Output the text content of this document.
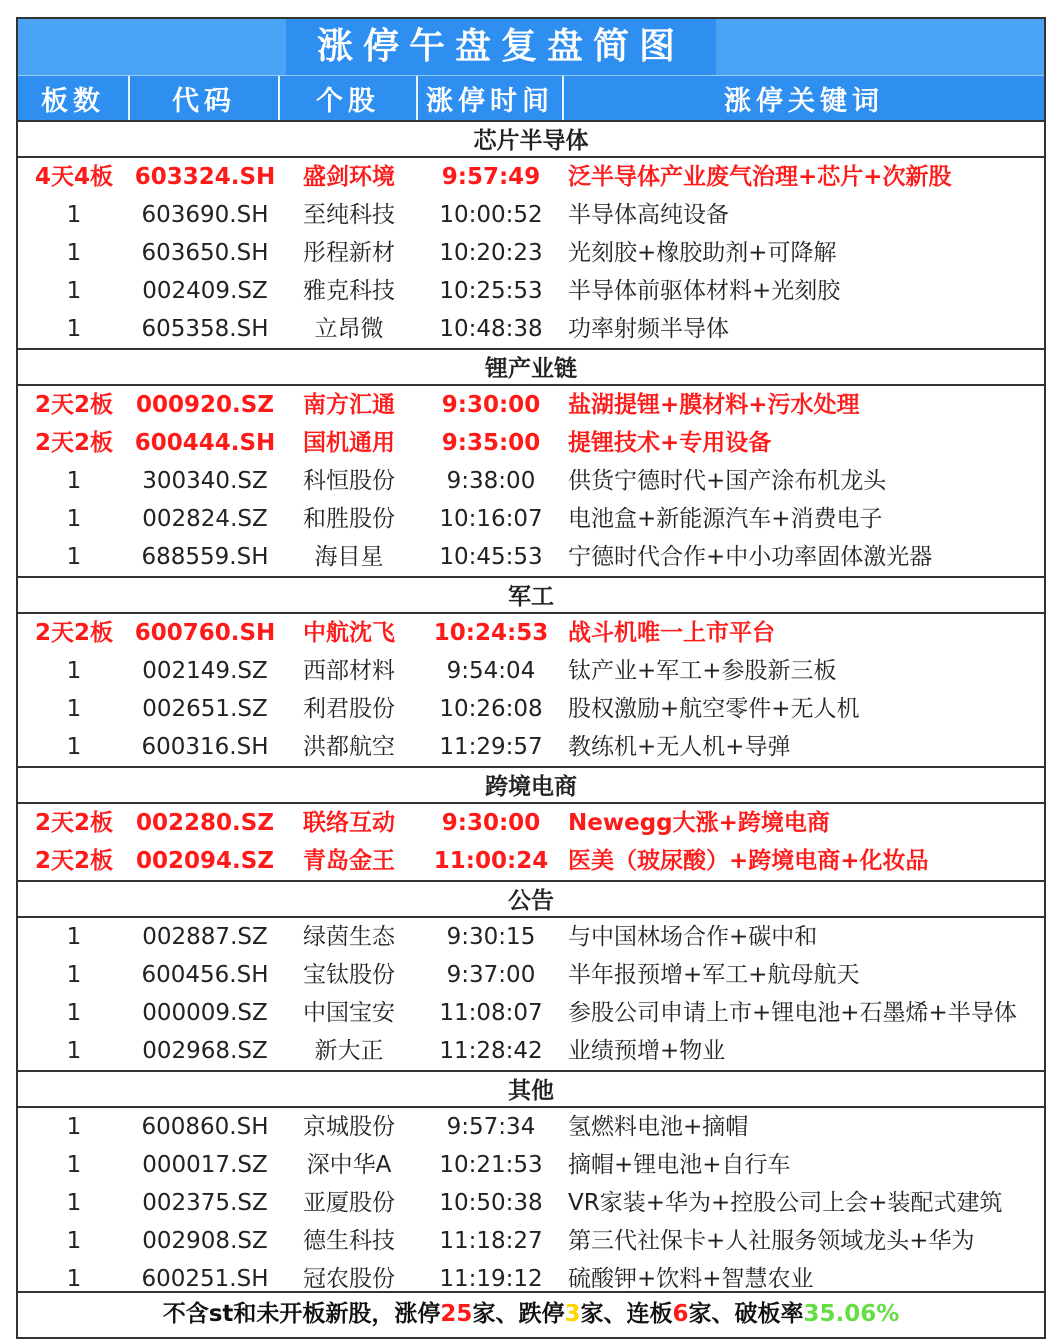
涨停午盘复盘简图
板数	代码	个股	涨停时间	涨停关键词
芯片半导体
4天4板 603324.SH	盛剑环境	9:57:49	泛半导体产业废气治理+芯片+次新股
1	603690.SH	至纯科技	10:00:52	半导体高纯设备
1	603650.SH	彤程新材	10:20:23	光刻胶+橡胶助剂+可降解
1	002409.SZ	雅克科技	10:25:53	半导体前驱体材料+光刻胶
1	605358.SH	立昂微	10:48:38	功率射频半导体
锂产业链
2天2板	000920.SZ	南方汇通	9:30:00	盐湖提锂+膜材料+污水处理
2天2板 600444.SH	国机通用	9:35:00	提锂技术+专用设备
1	300340.SZ	科恒股份	9:38:00	供货宁德时代+国产涂布机龙头
1	002824.SZ	和胜股份	10:16:07	电池盒+新能源汽车+消费电子
1	688559.SH	海目星	10:45:53	宁德时代合作+中小功率固体激光器
军工
2天2板 600760.SH	中航沈飞	10:24:53 战斗机唯一上市平台
1	002149.SZ	西部材料	9:54:04	钛产业+军工+参股新三板
1	002651.SZ	利君股份	10:26:08	股权激励+航空零件+无人机
1	600316.SH	洪都航空	11:29:57	教练机+无人机+导弹
跨境电商
2天2板	002280.SZ	联络互动	9:30:00	Newegg大涨+跨境电商
2天2板	002094.SZ	青岛金王	11:00:24 医美（玻尿酸）+跨境电商+化妆品
公告
1	002887.SZ	绿茵生态	9:30:15	与中国林场合作+碳中和
1	600456.SH	宝钛股份	9:37:00	半年报预增+军工+航母航天
1	000009.SZ	中国宝安	11:08:07	参股公司申请上市+锂电池+石墨烯+半导体
1	002968.SZ	新大正	11:28:42	业绩预增+物业
其他
1	600860.SH	京城股份	9:57:34	氢燃料电池+摘帽
1	000017.SZ	深中华A	10:21:53	摘帽+锂电池+自行车
1	002375.SZ	亚厦股份	10:50:38	VR家装+华为+控股公司上会+装配式建筑
1	002908.SZ	德生科技	11:18:27	第三代社保卡+人社服务领域龙头+华为
1	600251.SH	冠农股份	11:19:12	硫酸钾+饮料+智慧农业
不含st和未开板新股，涨停25家、跌停3家、连板6家、破板率35.06%
